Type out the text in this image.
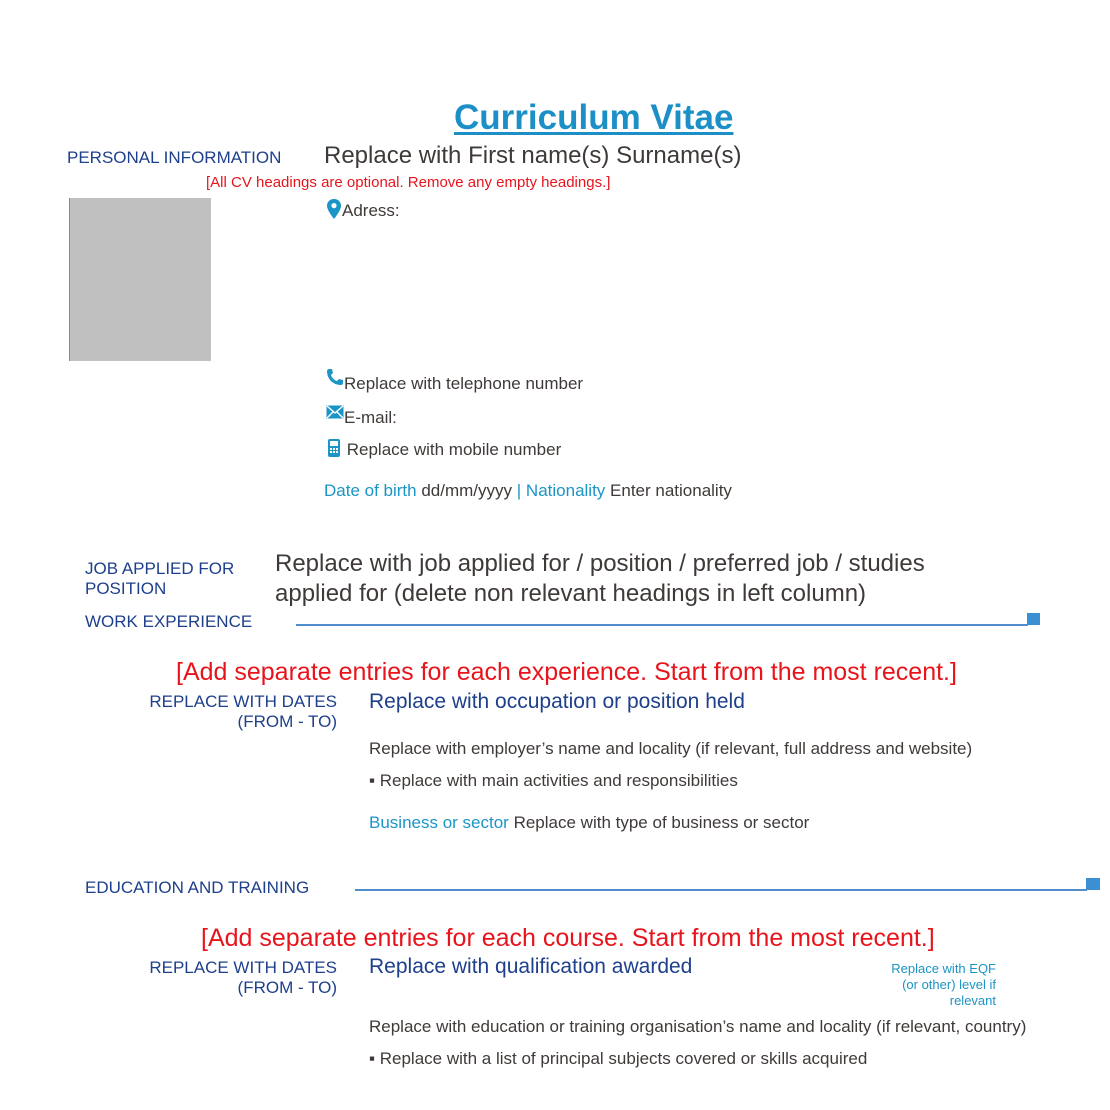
Curriculum Vitae
PERSONAL INFORMATION Replace with First name(s) Surname(s)
[All CV headings are optional. Remove any empty headings.]
Adress:
Replace with telephone number
E-mail:
Replace with mobile number
Date of birth dd/mm/yyyy | Nationality Enter nationality
JOB APPLIED FOR
POSITION
Replace with job applied for / position / preferred job / studies
applied for (delete non relevant headings in left column)
WORK EXPERIENCE
[Add separate entries for each experience. Start from the most recent.]
REPLACE WITH DATES
(FROM - TO)
Replace with occupation or position held
Replace with employer’s name and locality (if relevant, full address and website)
▪ Replace with main activities and responsibilities
Business or sector Replace with type of business or sector
EDUCATION AND TRAINING
[Add separate entries for each course. Start from the most recent.]
REPLACE WITH DATES
(FROM - TO)
Replace with qualification awarded	Replace with EQF
(or other) level if
relevant
Replace with education or training organisation’s name and locality (if relevant, country)
▪ Replace with a list of principal subjects covered or skills acquired
